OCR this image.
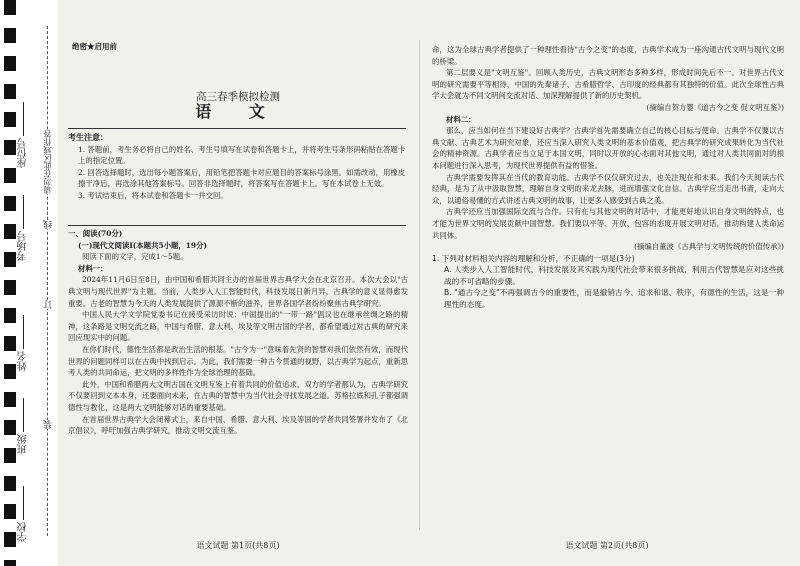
学校
班级
姓名
考场号
座位号
线
订
装
请勿在此区域作答
绝密★启用前
高三春季模拟检测
语 文
考生注意：

1. 答题前，考生务必将自己的姓名、考生号填写在试卷和答题卡上，并将考生号条形码粘贴在答题卡上的指定位置。

2. 回答选择题时，选出每小题答案后，用铅笔把答题卡对应题目的答案标号涂黑。如需改动，用橡皮擦干净后，再选涂其他答案标号。回答非选择题时，将答案写在答题卡上。写在本试卷上无效。

3. 考试结束后，将本试卷和答题卡一并交回。

一、阅读(70分)

(一)现代文阅读Ⅰ(本题共5小题，19分)

阅读下面的文字，完成1～5题。

材料一：

2024年11月6日至8日，由中国和希腊共同主办的首届世界古典学大会在北京召开。本次大会以"古典文明与现代世界"为主题。当前，人类步入人工智能时代，科技发展日新月异，古典学的意义显得愈发重要。古老的智慧为今天的人类发展提供了源源不断的滋养，世界各国学者纷纷聚焦古典学研究。

中国人民大学文学院党委书记在接受采访时说：中国提出的"一带一路"倡议也在继承丝绸之路的精神，这条路是文明交流之路，中国与希腊、意大利、埃及等文明古国的学者，都希望通过对古典的研究来回应现实中的问题。

在你们时代，德性生活都是政治生活的根基。"古今为一"意味着先贤的智慧对我们依然有效，而现代世界的问题同样可以在古典中找到启示。为此，我们需要一种古今贯通的视野，以古典学为起点，重新思考人类的共同命运，把文明的多样性作为全球治理的基础。

此外，中国和希腊两大文明古国在文明互鉴上有着共同的价值追求，双方的学者都认为，古典学研究不仅要回到文本本身，还要面向未来，在古典的智慧中为当代社会寻找发展之道。苏格拉底和孔子都强调德性与教化，这是两大文明能够对话的重要基础。

在首届世界古典学大会闭幕式上，来自中国、希腊、意大利、埃及等国的学者共同签署并发布了《北京倡议》，呼吁加强古典学研究，推动文明交流互鉴。

语文试题 第1页(共8页)

命，这为全球古典学者提供了一种理性看待"古今之变"的态度，古典学术成为一座沟通古代文明与现代文明的桥梁。

第二层要义是"文明互鉴"。回顾人类历史，古典文明形态多种多样，形成时间先后不一。对世界古代文明的研究需要平等相待，中国的先秦诸子、古希腊哲学、古印度的经典都有其独特的价值。此次全球性古典学大会就为不同文明间交流对话、加深理解提供了新的历史契机。

(摘编自贺方婴《道古今之变 促文明互鉴》)

材料二：

那么，应当如何在当下建设好古典学？古典学首先需要确立自己的核心目标与使命。古典学不仅要以古典文献、古典艺术为研究对象，还应当深入研究人类文明的基本价值观，把古典学的研究成果转化为当代社会的精神资源。古典学者应当立足于本国文明，同时以开放的心态面对其他文明，通过对人类共同面对的根本问题进行深入思考，为现代世界提供有益的借鉴。

古典学需要发挥其在当代的教育功能。古典学不仅仅研究过去，也关注现在和未来。我们今天阅读古代经典，是为了从中汲取智慧，理解自身文明的来龙去脉，进而增强文化自信。古典学应当走出书斋，走向大众，以通俗易懂的方式讲述古典文明的故事，让更多人感受到古典之美。

古典学还应当加强国际交流与合作。只有在与其他文明的对话中，才能更好地认识自身文明的特点，也才能为世界文明的发展贡献中国智慧。我们要以平等、开放、包容的态度开展文明对话，推动构建人类命运共同体。

(摘编自董波《古典学与文明传统的价值传承》)

1. 下列对材料相关内容的理解和分析，不正确的一项是(3分)

A. 人类步入人工智能时代，科技发展及其实践为现代社会带来很多挑战，利用古代智慧是应对这些挑战的不可省略的步骤。

B. "通古今之变"不再强调古今的重要性，而是撤销古今、追求和谐、秩序，有德性的生活，这是一种理性的态度。

语文试题 第2页(共8页)
